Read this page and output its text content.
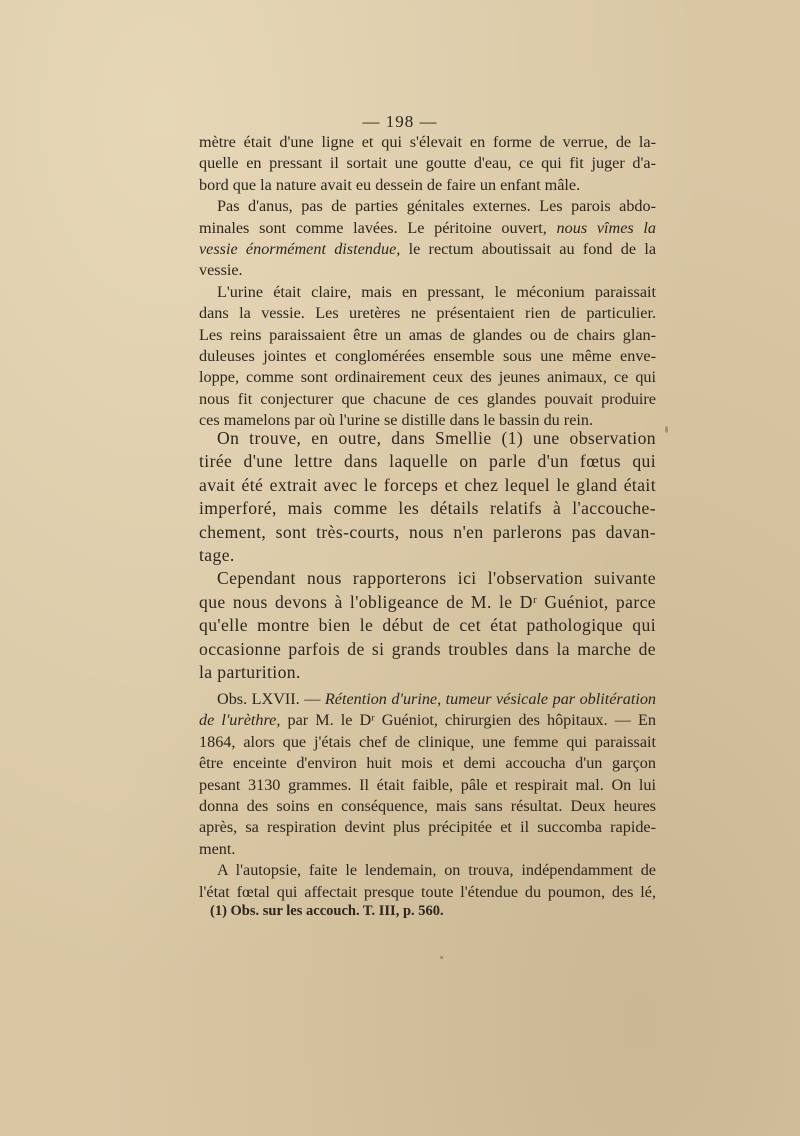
— 198 —

mètre était d'une ligne et qui s'élevait en forme de verrue, de la-

quelle en pressant il sortait une goutte d'eau, ce qui fit juger d'a-

bord que la nature avait eu dessein de faire un enfant mâle.

Pas d'anus, pas de parties génitales externes. Les parois abdo-

minales sont comme lavées. Le péritoine ouvert, nous vîmes la

vessie énormément distendue, le rectum aboutissait au fond de la

vessie.

L'urine était claire, mais en pressant, le méconium paraissait

dans la vessie. Les uretères ne présentaient rien de particulier.

Les reins paraissaient être un amas de glandes ou de chairs glan-

duleuses jointes et conglomérées ensemble sous une même enve-

loppe, comme sont ordinairement ceux des jeunes animaux, ce qui

nous fit conjecturer que chacune de ces glandes pouvait produire

ces mamelons par où l'urine se distille dans le bassin du rein.

On trouve, en outre, dans Smellie (1) une observation

tirée d'une lettre dans laquelle on parle d'un fœtus qui

avait été extrait avec le forceps et chez lequel le gland était

imperforé, mais comme les détails relatifs à l'accouche-

chement, sont très-courts, nous n'en parlerons pas davan-

tage.

Cependant nous rapporterons ici l'observation suivante

que nous devons à l'obligeance de M. le Dʳ Guéniot, parce

qu'elle montre bien le début de cet état pathologique qui

occasionne parfois de si grands troubles dans la marche de

la parturition.

Obs. LXVII. — Rétention d'urine, tumeur vésicale par oblitération

de l'urèthre, par M. le Dʳ Guéniot, chirurgien des hôpitaux. — En

1864, alors que j'étais chef de clinique, une femme qui paraissait

être enceinte d'environ huit mois et demi accoucha d'un garçon

pesant 3130 grammes. Il était faible, pâle et respirait mal. On lui

donna des soins en conséquence, mais sans résultat. Deux heures

après, sa respiration devint plus précipitée et il succomba rapide-

ment.

A l'autopsie, faite le lendemain, on trouva, indépendamment de

l'état fœtal qui affectait presque toute l'étendue du poumon, des lé,

(1) Obs. sur les accouch. T. III, p. 560.
